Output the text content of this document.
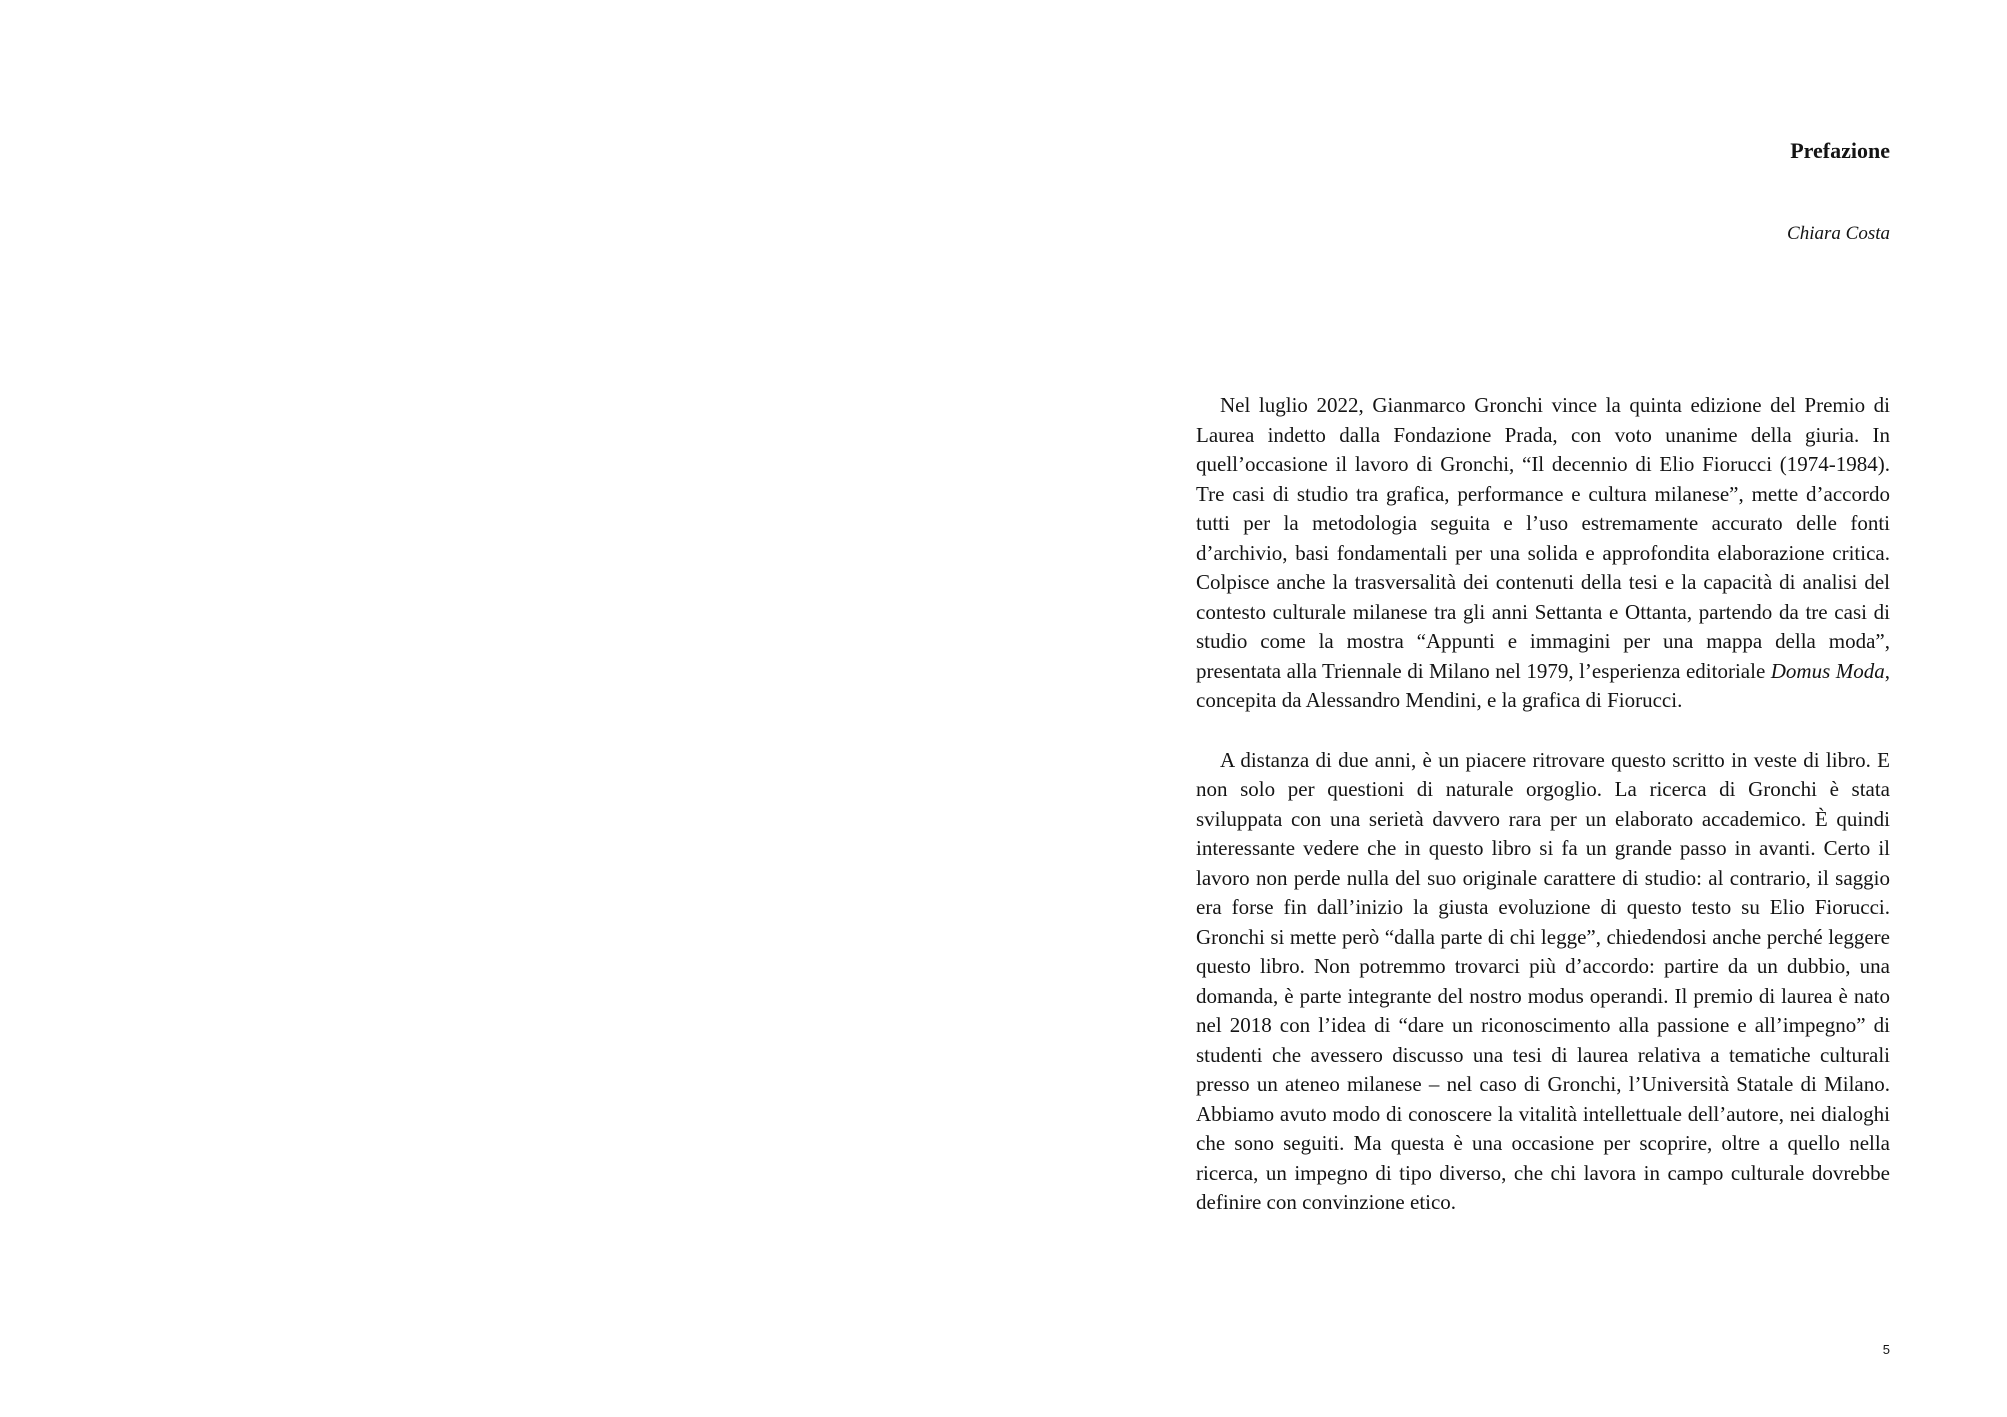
Prefazione

Chiara Costa

Nel luglio 2022, Gianmarco Gronchi vince la quinta edizione del Premio di Laurea indetto dalla Fondazione Prada, con voto unanime della giuria. In quell’occasione il lavoro di Gronchi, “Il decennio di Elio Fiorucci (1974-1984). Tre casi di studio tra grafica, performance e cultura milanese”, mette d’accordo tutti per la metodologia seguita e l’uso estremamente accurato delle fonti d’archivio, basi fondamentali per una solida e approfondita elaborazione critica. Colpisce anche la trasversalità dei contenuti della tesi e la capacità di analisi del contesto culturale milanese tra gli anni Settanta e Ottanta, partendo da tre casi di studio come la mostra “Appunti e immagini per una mappa della moda”, presentata alla Triennale di Milano nel 1979, l’esperienza editoriale Domus Moda, concepita da Alessandro Mendini, e la grafica di Fiorucci.

A distanza di due anni, è un piacere ritrovare questo scritto in veste di libro. E non solo per questioni di naturale orgoglio. La ricerca di Gronchi è stata sviluppata con una serietà davvero rara per un elaborato accademico. È quindi interessante vedere che in questo libro si fa un grande passo in avanti. Certo il lavoro non perde nulla del suo originale carattere di studio: al contrario, il saggio era forse fin dall’inizio la giusta evoluzione di questo testo su Elio Fiorucci. Gronchi si mette però “dalla parte di chi legge”, chiedendosi anche perché leggere questo libro. Non potremmo trovarci più d’accordo: partire da un dubbio, una domanda, è parte integrante del nostro modus operandi. Il premio di laurea è nato nel 2018 con l’idea di “dare un riconoscimento alla passione e all’impegno” di studenti che avessero discusso una tesi di laurea relativa a tematiche culturali presso un ateneo milanese – nel caso di Gronchi, l’Università Statale di Milano. Abbiamo avuto modo di conoscere la vitalità intellettuale dell’autore, nei dialoghi che sono seguiti. Ma questa è una occasione per scoprire, oltre a quello nella ricerca, un impegno di tipo diverso, che chi lavora in campo culturale dovrebbe definire con convinzione etico.

5
